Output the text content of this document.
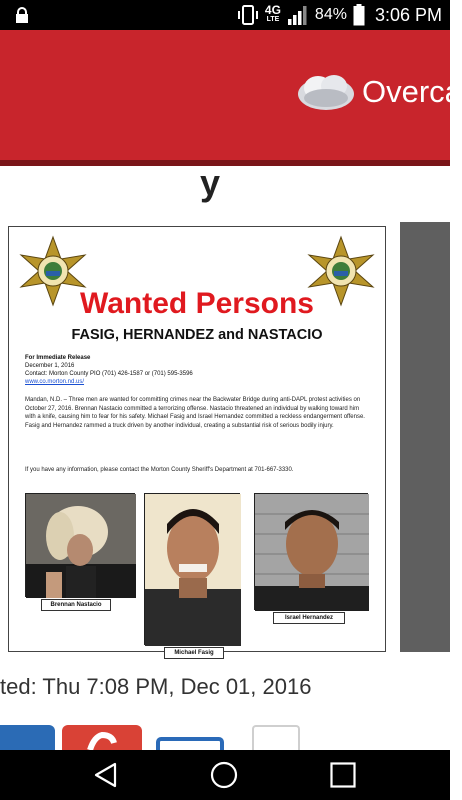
4G
LTE 84% 3:06 PM
Overca
y
Wanted Persons
FASIG, HERNANDEZ and NASTACIO
For Immediate Release
December 1, 2016
Contact: Morton County PIO (701) 426-1587 or (701) 595-3596
www.co.morton.nd.us/
Mandan, N.D. – Three men are wanted for committing crimes near the Backwater Bridge during anti-DAPL protest activities on October 27, 2016. Brennan Nastacio committed a terrorizing offense. Nastacio threatened an individual by walking toward him with a knife, causing him to fear for his safety. Michael Fasig and Israel Hernandez committed a reckless endangerment offense. Fasig and Hernandez rammed a truck driven by another individual, creating a substantial risk of serious bodily injury.
If you have any information, please contact the Morton County Sheriff's Department at 701-667-3330.
Brennan Nastacio
Michael Fasig
Israel Hernandez
ted: Thu 7:08 PM, Dec 01, 2016
